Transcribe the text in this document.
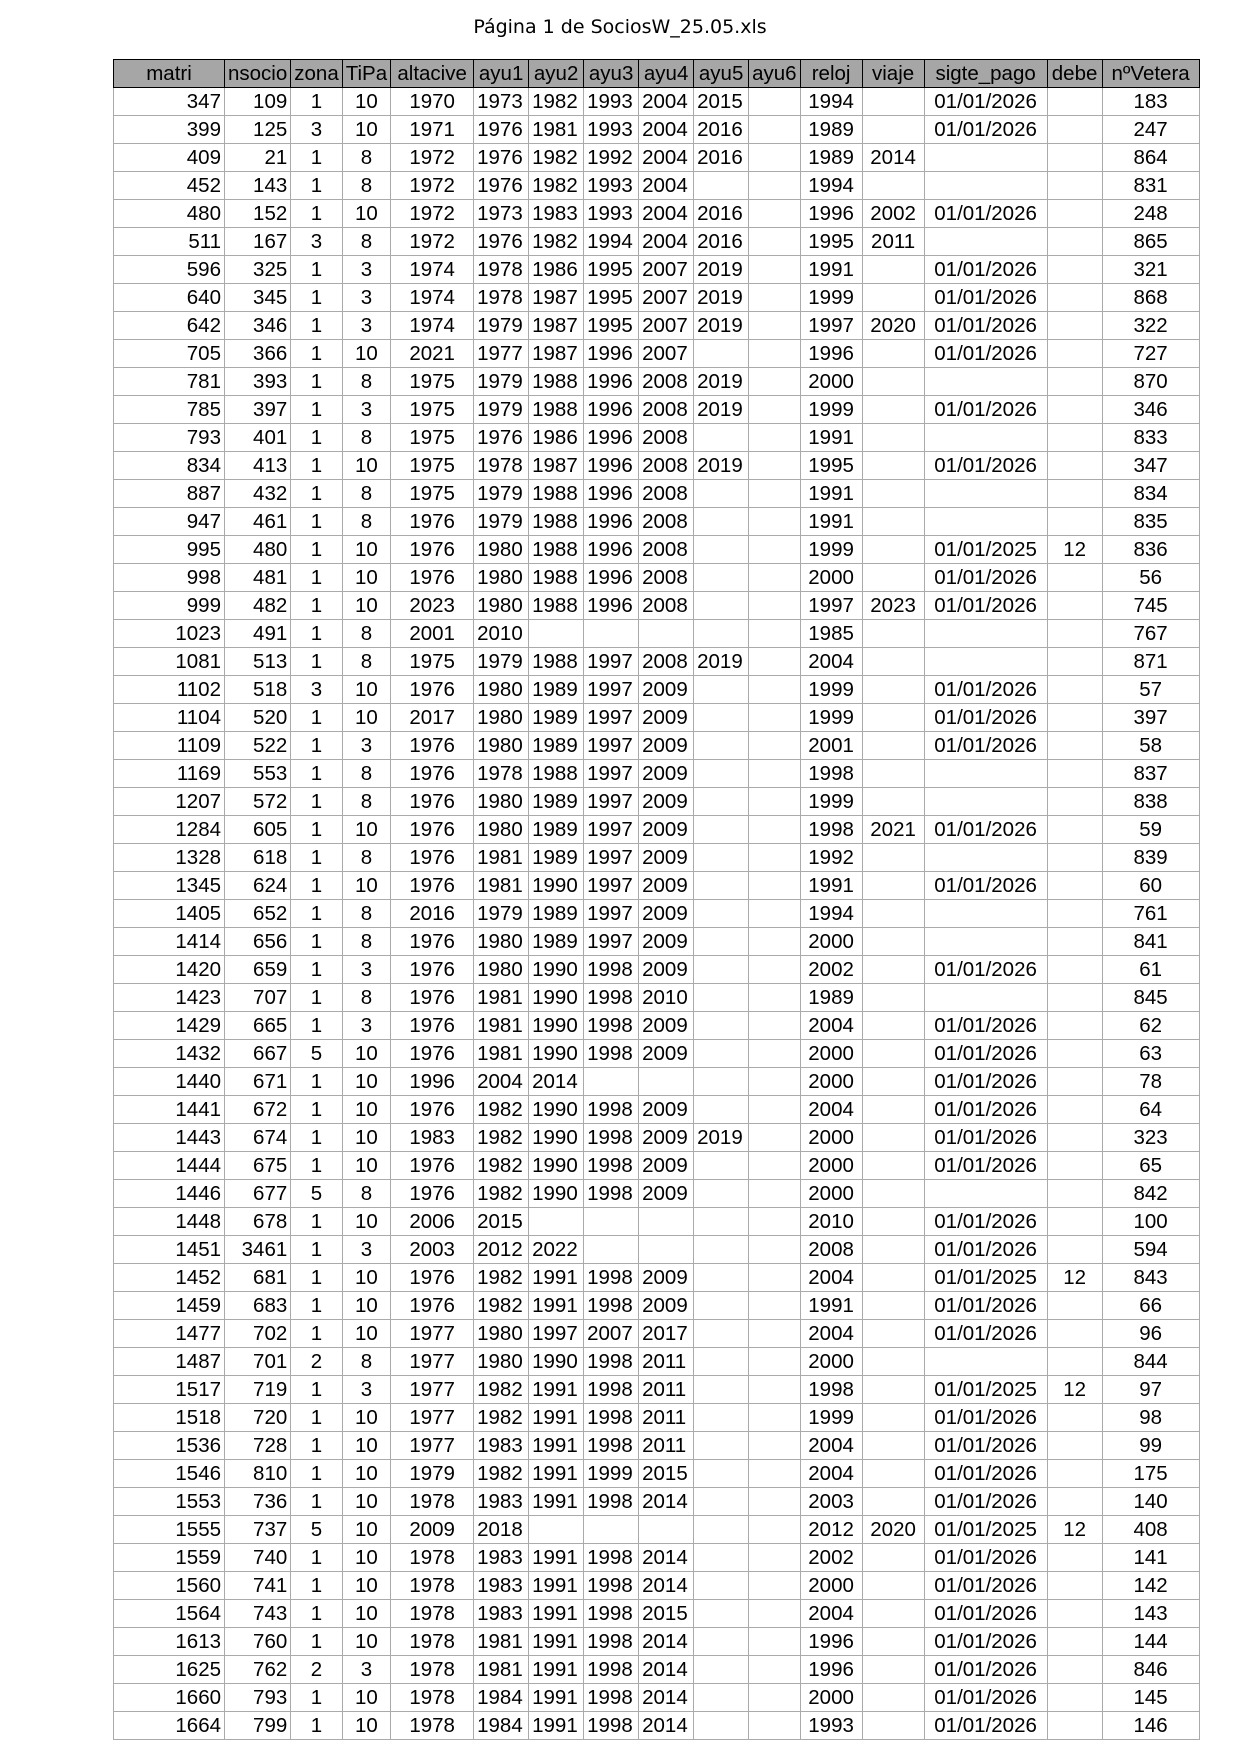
Página 1 de SociosW_25.05.xls
matri	nsocio	zona	TiPa	altacive	ayu1	ayu2	ayu3	ayu4	ayu5	ayu6	reloj	viaje	sigte_pago	debe	nºVetera
347	109	1	10	1970	1973	1982	1993	2004	2015		1994		01/01/2026		183
399	125	3	10	1971	1976	1981	1993	2004	2016		1989		01/01/2026		247
409	21	1	8	1972	1976	1982	1992	2004	2016		1989	2014			864
452	143	1	8	1972	1976	1982	1993	2004			1994				831
480	152	1	10	1972	1973	1983	1993	2004	2016		1996	2002	01/01/2026		248
511	167	3	8	1972	1976	1982	1994	2004	2016		1995	2011			865
596	325	1	3	1974	1978	1986	1995	2007	2019		1991		01/01/2026		321
640	345	1	3	1974	1978	1987	1995	2007	2019		1999		01/01/2026		868
642	346	1	3	1974	1979	1987	1995	2007	2019		1997	2020	01/01/2026		322
705	366	1	10	2021	1977	1987	1996	2007			1996		01/01/2026		727
781	393	1	8	1975	1979	1988	1996	2008	2019		2000				870
785	397	1	3	1975	1979	1988	1996	2008	2019		1999		01/01/2026		346
793	401	1	8	1975	1976	1986	1996	2008			1991				833
834	413	1	10	1975	1978	1987	1996	2008	2019		1995		01/01/2026		347
887	432	1	8	1975	1979	1988	1996	2008			1991				834
947	461	1	8	1976	1979	1988	1996	2008			1991				835
995	480	1	10	1976	1980	1988	1996	2008			1999		01/01/2025	12	836
998	481	1	10	1976	1980	1988	1996	2008			2000		01/01/2026		56
999	482	1	10	2023	1980	1988	1996	2008			1997	2023	01/01/2026		745
1023	491	1	8	2001	2010						1985				767
1081	513	1	8	1975	1979	1988	1997	2008	2019		2004				871
1102	518	3	10	1976	1980	1989	1997	2009			1999		01/01/2026		57
1104	520	1	10	2017	1980	1989	1997	2009			1999		01/01/2026		397
1109	522	1	3	1976	1980	1989	1997	2009			2001		01/01/2026		58
1169	553	1	8	1976	1978	1988	1997	2009			1998				837
1207	572	1	8	1976	1980	1989	1997	2009			1999				838
1284	605	1	10	1976	1980	1989	1997	2009			1998	2021	01/01/2026		59
1328	618	1	8	1976	1981	1989	1997	2009			1992				839
1345	624	1	10	1976	1981	1990	1997	2009			1991		01/01/2026		60
1405	652	1	8	2016	1979	1989	1997	2009			1994				761
1414	656	1	8	1976	1980	1989	1997	2009			2000				841
1420	659	1	3	1976	1980	1990	1998	2009			2002		01/01/2026		61
1423	707	1	8	1976	1981	1990	1998	2010			1989				845
1429	665	1	3	1976	1981	1990	1998	2009			2004		01/01/2026		62
1432	667	5	10	1976	1981	1990	1998	2009			2000		01/01/2026		63
1440	671	1	10	1996	2004	2014					2000		01/01/2026		78
1441	672	1	10	1976	1982	1990	1998	2009			2004		01/01/2026		64
1443	674	1	10	1983	1982	1990	1998	2009	2019		2000		01/01/2026		323
1444	675	1	10	1976	1982	1990	1998	2009			2000		01/01/2026		65
1446	677	5	8	1976	1982	1990	1998	2009			2000				842
1448	678	1	10	2006	2015						2010		01/01/2026		100
1451	3461	1	3	2003	2012	2022					2008		01/01/2026		594
1452	681	1	10	1976	1982	1991	1998	2009			2004		01/01/2025	12	843
1459	683	1	10	1976	1982	1991	1998	2009			1991		01/01/2026		66
1477	702	1	10	1977	1980	1997	2007	2017			2004		01/01/2026		96
1487	701	2	8	1977	1980	1990	1998	2011			2000				844
1517	719	1	3	1977	1982	1991	1998	2011			1998		01/01/2025	12	97
1518	720	1	10	1977	1982	1991	1998	2011			1999		01/01/2026		98
1536	728	1	10	1977	1983	1991	1998	2011			2004		01/01/2026		99
1546	810	1	10	1979	1982	1991	1999	2015			2004		01/01/2026		175
1553	736	1	10	1978	1983	1991	1998	2014			2003		01/01/2026		140
1555	737	5	10	2009	2018						2012	2020	01/01/2025	12	408
1559	740	1	10	1978	1983	1991	1998	2014			2002		01/01/2026		141
1560	741	1	10	1978	1983	1991	1998	2014			2000		01/01/2026		142
1564	743	1	10	1978	1983	1991	1998	2015			2004		01/01/2026		143
1613	760	1	10	1978	1981	1991	1998	2014			1996		01/01/2026		144
1625	762	2	3	1978	1981	1991	1998	2014			1996		01/01/2026		846
1660	793	1	10	1978	1984	1991	1998	2014			2000		01/01/2026		145
1664	799	1	10	1978	1984	1991	1998	2014			1993		01/01/2026		146
